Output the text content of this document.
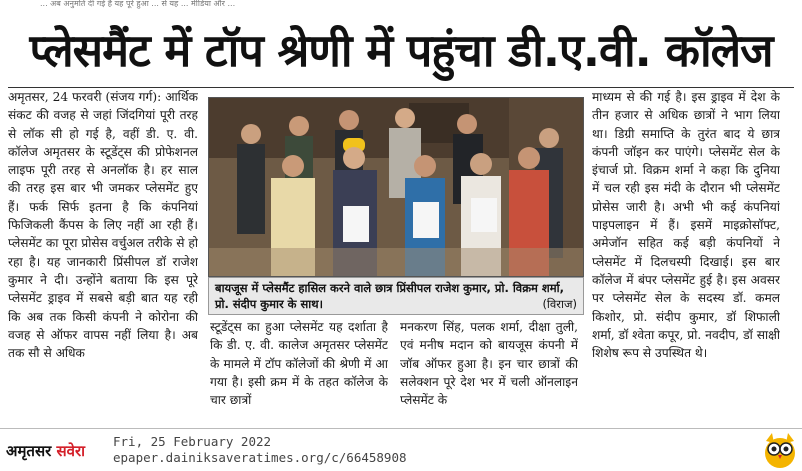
... अब अनुमति दी गई है यह पूरे हुआ ... से यह ... मीडिया और ...
प्लेसमैंट में टॉप श्रेणी में पहुंचा डी.ए.वी. कॉलेज
अमृतसर, 24 फरवरी (संजय गर्ग): आर्थिक संकट की वजह से जहां जिंदगियां पूरी तरह से लॉक सी हो गई है, वहीं डी. ए. वी. कॉलेज अमृतसर के स्टूडेंट्स की प्रोफेशनल लाइफ पूरी तरह से अनलॉक है। हर साल की तरह इस बार भी जमकर प्लेसमेंट हुए हैं। फर्क सिर्फ इतना है कि कंपनियां फिजिकली कैंपस के लिए नहीं आ रही हैं। प्लेसमेंट का पूरा प्रोसेस वर्चुअल तरीके से हो रहा है। यह जानकारी प्रिंसीपल डॉ राजेश कुमार ने दी। उन्होंने बताया कि इस पूरे प्लेसमेंट ड्राइव में सबसे बड़ी बात यह रही कि अब तक किसी कंपनी ने कोरोना की वजह से ऑफर वापस नहीं लिया है। अब तक सौ से अधिक
बायजूस में प्लेसमैंट हासिल करने वाले छात्र प्रिंसीपल राजेश कुमार, प्रो. विक्रम शर्मा, प्रो. संदीप कुमार के साथ।	(विराज)
स्टूडेंट्स का हुआ प्लेसमेंट यह दर्शाता है कि डी. ए. वी. कालेज अमृतसर प्लेसमेंट के मामले में टॉप कॉलेजों की श्रेणी में आ गया है। इसी क्रम में के तहत कॉलेज के चार छात्रों
मनकरण सिंह, पलक शर्मा, दीक्षा तुली, एवं मनीष मदान को बायजूस कंपनी में जॉब ऑफर हुआ है। इन चार छात्रों की सलेक्शन पूरे देश भर में चली ऑनलाइन प्लेसमेंट के
माध्यम से की गई है। इस ड्राइव में देश के तीन हजार से अधिक छात्रों ने भाग लिया था। डिग्री समाप्ति के तुरंत बाद ये छात्र कंपनी जॉइन कर पाएंगे। प्लेसमेंट सेल के इंचार्ज प्रो. विक्रम शर्मा ने कहा कि दुनिया में चल रही इस मंदी के दौरान भी प्लेसमेंट प्रोसेस जारी है। अभी भी कई कंपनियां पाइपलाइन में हैं। इसमें माइक्रोसॉफ्ट, अमेजॉन सहित कई बड़ी कंपनियों ने प्लेसमेंट में दिलचस्पी दिखाई। इस बार कॉलेज में बंपर प्लेसमेंट हुई है। इस अवसर पर प्लेसमेंट सेल के सदस्य डॉ. कमल किशोर, प्रो. संदीप कुमार, डॉ शिफाली शर्मा, डॉ श्वेता कपूर, प्रो. नवदीप, डॉ साक्षी शिशेष रूप से उपस्थित थे।
अमृतसर सवेरा
Fri, 25 February 2022
epaper.dainiksaveratimes.org/c/66458908
